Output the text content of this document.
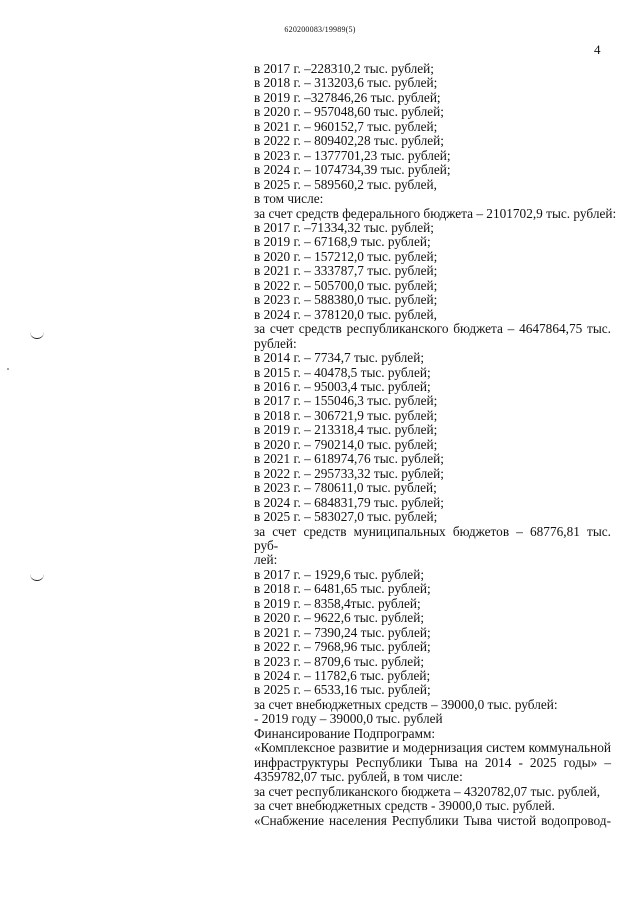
620200083/19989(5)
4
в 2017 г. –228310,2 тыс. рублей;
в 2018 г. – 313203,6 тыс. рублей;
в 2019 г. –327846,26 тыс. рублей;
в 2020 г. – 957048,60 тыс. рублей;
в 2021 г. – 960152,7 тыс. рублей;
в 2022 г. – 809402,28 тыс. рублей;
в 2023 г. – 1377701,23 тыс. рублей;
в 2024 г. – 1074734,39 тыс. рублей;
в 2025 г. – 589560,2 тыс. рублей,
в том числе:
за счет средств федерального бюджета – 2101702,9 тыс. рублей:
в 2017 г. –71334,32 тыс. рублей;
в 2019 г. – 67168,9 тыс. рублей;
в 2020 г. – 157212,0 тыс. рублей;
в 2021 г. – 333787,7 тыс. рублей;
в 2022 г. – 505700,0 тыс. рублей;
в 2023 г. – 588380,0 тыс. рублей;
в 2024 г. – 378120,0 тыс. рублей,
за счет средств республиканского бюджета – 4647864,75 тыс.
рублей:
в 2014 г. – 7734,7 тыс. рублей;
в 2015 г. – 40478,5 тыс. рублей;
в 2016 г. – 95003,4 тыс. рублей;
в 2017 г. – 155046,3 тыс. рублей;
в 2018 г. – 306721,9 тыс. рублей;
в 2019 г. – 213318,4 тыс. рублей;
в 2020 г. – 790214,0 тыс. рублей;
в 2021 г. – 618974,76 тыс. рублей;
в 2022 г. – 295733,32 тыс. рублей;
в 2023 г. – 780611,0 тыс. рублей;
в 2024 г. – 684831,79 тыс. рублей;
в 2025 г. – 583027,0 тыс. рублей;
за счет средств муниципальных бюджетов – 68776,81 тыс. руб-
лей:
в 2017 г. – 1929,6 тыс. рублей;
в 2018 г. – 6481,65 тыс. рублей;
в 2019 г. – 8358,4тыс. рублей;
в 2020 г. – 9622,6 тыс. рублей;
в 2021 г. – 7390,24 тыс. рублей;
в 2022 г. – 7968,96 тыс. рублей;
в 2023 г. – 8709,6 тыс. рублей;
в 2024 г. – 11782,6 тыс. рублей;
в 2025 г. – 6533,16 тыс. рублей;
за счет внебюджетных средств – 39000,0 тыс. рублей:
- 2019 году – 39000,0 тыс. рублей
Финансирование Подпрограмм:
«Комплексное развитие и модернизация систем коммунальной
инфраструктуры Республики Тыва на 2014 - 2025 годы» –
4359782,07 тыс. рублей, в том числе:
за счет республиканского бюджета – 4320782,07 тыс. рублей,
за счет внебюджетных средств - 39000,0 тыс. рублей.
«Снабжение населения Республики Тыва чистой водопровод-
